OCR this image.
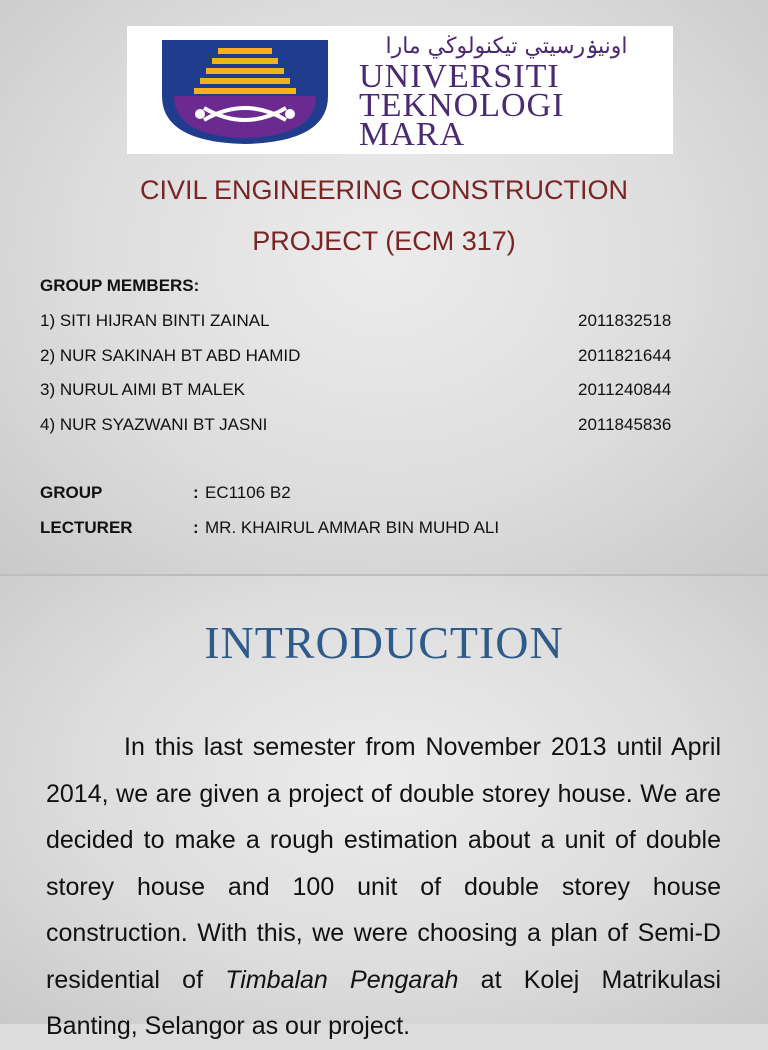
اونيۏرسيتي تيكنولوڬي مارا
UNIVERSITI
TEKNOLOGI
MARA
CIVIL ENGINEERING CONSTRUCTION
PROJECT (ECM 317)
GROUP MEMBERS:
1) SITI HIJRAN BINTI ZAINAL	2011832518
2) NUR SAKINAH BT ABD HAMID	2011821644
3) NURUL AIMI BT MALEK	2011240844
4) NUR SYAZWANI BT JASNI	2011845836
GROUP	: EC1106 B2
LECTURER	: MR. KHAIRUL AMMAR BIN MUHD ALI
INTRODUCTION

In this last semester from November 2013 until April 2014, we are given a project of double storey house. We are decided to make a rough estimation about a unit of double storey house and 100 unit of double storey house construction. With this, we were choosing a plan of Semi-D residential of Timbalan Pengarah at Kolej Matrikulasi Banting, Selangor as our project.
